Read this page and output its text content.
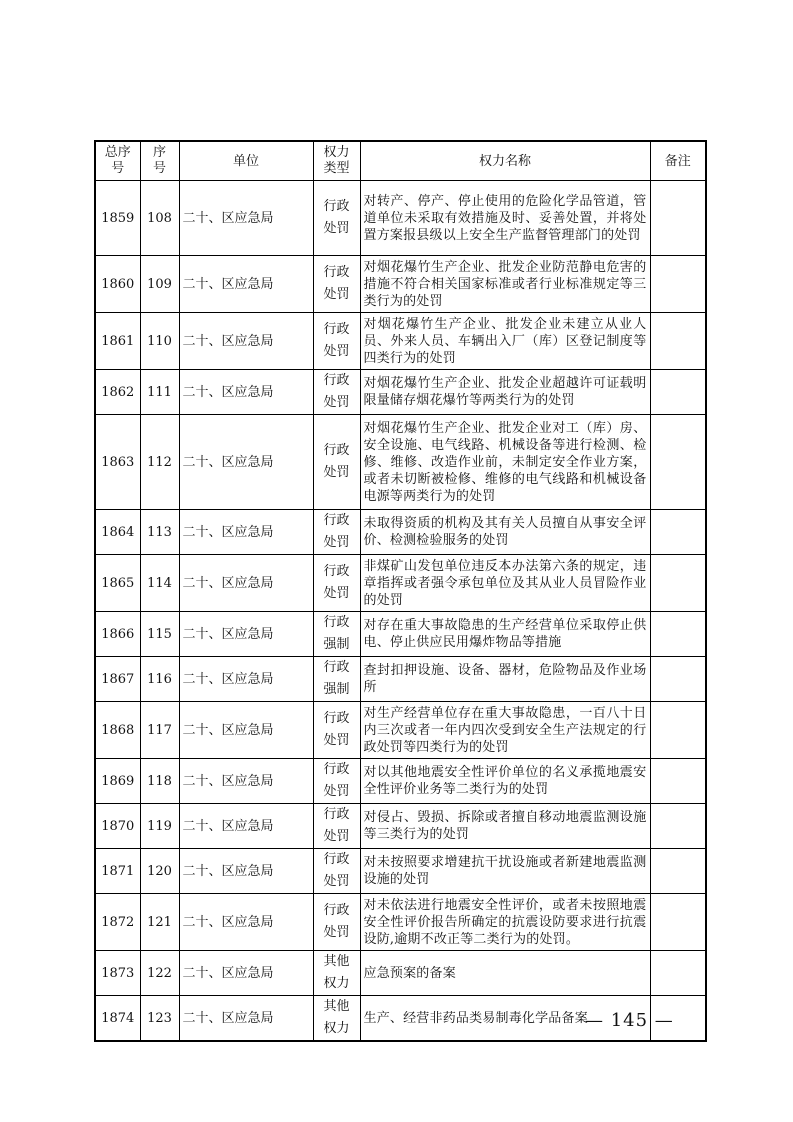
总序号	序号	单位	权力类型	权力名称	备注
1859	108	二十、区应急局	行政处罚	对转产、停产、停止使用的危险化学品管道，管道单位未采取有效措施及时、妥善处置，并将处置方案报县级以上安全生产监督管理部门的处罚	
1860	109	二十、区应急局	行政处罚	对烟花爆竹生产企业、批发企业防范静电危害的措施不符合相关国家标准或者行业标准规定等三类行为的处罚	
1861	110	二十、区应急局	行政处罚	对烟花爆竹生产企业、批发企业未建立从业人员、外来人员、车辆出入厂（库）区登记制度等四类行为的处罚	
1862	111	二十、区应急局	行政处罚	对烟花爆竹生产企业、批发企业超越许可证载明限量储存烟花爆竹等两类行为的处罚	
1863	112	二十、区应急局	行政处罚	对烟花爆竹生产企业、批发企业对工（库）房、安全设施、电气线路、机械设备等进行检测、检修、维修、改造作业前，未制定安全作业方案，或者未切断被检修、维修的电气线路和机械设备电源等两类行为的处罚	
1864	113	二十、区应急局	行政处罚	未取得资质的机构及其有关人员擅自从事安全评价、检测检验服务的处罚	
1865	114	二十、区应急局	行政处罚	非煤矿山发包单位违反本办法第六条的规定，违章指挥或者强令承包单位及其从业人员冒险作业的处罚	
1866	115	二十、区应急局	行政强制	对存在重大事故隐患的生产经营单位采取停止供电、停止供应民用爆炸物品等措施	
1867	116	二十、区应急局	行政强制	查封扣押设施、设备、器材，危险物品及作业场所	
1868	117	二十、区应急局	行政处罚	对生产经营单位存在重大事故隐患，一百八十日内三次或者一年内四次受到安全生产法规定的行政处罚等四类行为的处罚	
1869	118	二十、区应急局	行政处罚	对以其他地震安全性评价单位的名义承揽地震安全性评价业务等二类行为的处罚	
1870	119	二十、区应急局	行政处罚	对侵占、毁损、拆除或者擅自移动地震监测设施等三类行为的处罚	
1871	120	二十、区应急局	行政处罚	对未按照要求增建抗干扰设施或者新建地震监测设施的处罚	
1872	121	二十、区应急局	行政处罚	对未依法进行地震安全性评价，或者未按照地震安全性评价报告所确定的抗震设防要求进行抗震设防,逾期不改正等二类行为的处罚。	
1873	122	二十、区应急局	其他权力	应急预案的备案	
1874	123	二十、区应急局	其他权力	生产、经营非药品类易制毒化学品备案	
— 145 —
